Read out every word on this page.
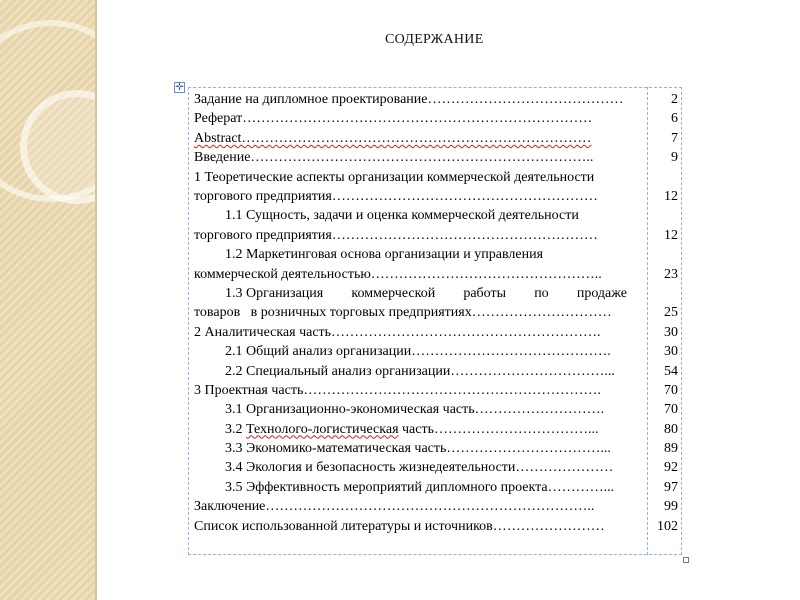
СОДЕРЖАНИЕ
✛
Задание на дипломное проектирование……………………………………	2
Реферат…………………………………………………………………	6
Abstract…………………………………………………………………	7
Введение………………………………………………………………..	9
1 Теоретические аспекты организации коммерческой деятельности
торгового предприятия…………………………………………………	12
1.1 Сущность, задачи и оценка коммерческой деятельности
торгового предприятия…………………………………………………	12
1.2 Маркетинговая основа организации и управления
коммерческой деятельностью…………………………………………..	23
1.3 Организация коммерческой работы по продаже
товаров   в розничных торговых предприятиях…………………………	25
2 Аналитическая часть………………………………………………….	30
2.1 Общий анализ организации…………………………………….	30
2.2 Специальный анализ организации……………………………...	54
3 Проектная часть……………………………………………………….	70
3.1 Организационно-экономическая часть……………………….	70
3.2 Технолого-логистическая часть……………………………...	80
3.3 Экономико-математическая часть……………………………...	89
3.4 Экология и безопасность жизнедеятельности…………………	92
3.5 Эффективность мероприятий дипломного проекта…………...	97
Заключение……………………………………………………………..	99
Список использованной литературы и источников……………………	102
